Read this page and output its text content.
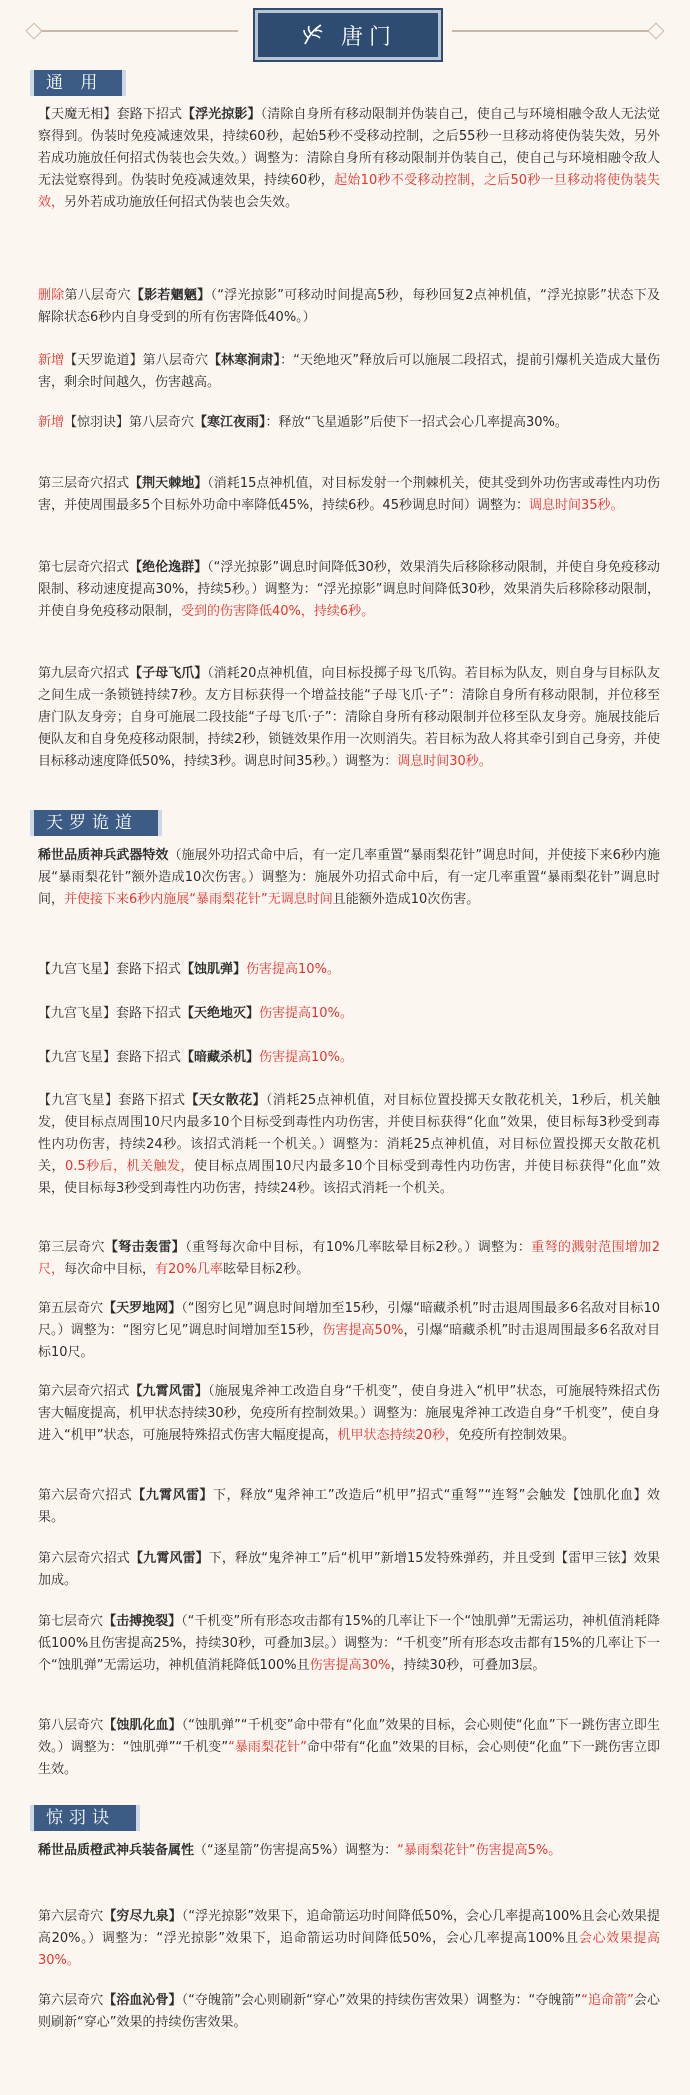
唐门
通 用

【天魔无相】套路下招式【浮光掠影】（清除自身所有移动限制并伪装自己，使自己与环境相融令敌人无法觉察得到。伪装时免疫减速效果，持续60秒，起始5秒不受移动控制，之后55秒一旦移动将使伪装失效，另外若成功施放任何招式伪装也会失效。）调整为：清除自身所有移动限制并伪装自己，使自己与环境相融令敌人无法觉察得到。伪装时免疫减速效果，持续60秒，起始10秒不受移动控制，之后50秒一旦移动将使伪装失效，另外若成功施放任何招式伪装也会失效。

删除第八层奇穴【影若魍魉】（“浮光掠影”可移动时间提高5秒，每秒回复2点神机值，“浮光掠影”状态下及解除状态6秒内自身受到的所有伤害降低40%。）

新增【天罗诡道】第八层奇穴【林寒涧肃】：“天绝地灭”释放后可以施展二段招式，提前引爆机关造成大量伤害，剩余时间越久，伤害越高。

新增【惊羽诀】第八层奇穴【寒江夜雨】：释放“飞星遁影”后使下一招式会心几率提高30%。

第三层奇穴招式【荆天棘地】（消耗15点神机值，对目标发射一个荆棘机关，使其受到外功伤害或毒性内功伤害，并使周围最多5个目标外功命中率降低45%，持续6秒。45秒调息时间）调整为：调息时间35秒。

第七层奇穴招式【绝伦逸群】（“浮光掠影”调息时间降低30秒，效果消失后移除移动限制，并使自身免疫移动限制、移动速度提高30%，持续5秒。）调整为：“浮光掠影”调息时间降低30秒，效果消失后移除移动限制，并使自身免疫移动限制，受到的伤害降低40%，持续6秒。

第九层奇穴招式【子母飞爪】（消耗20点神机值，向目标投掷子母飞爪钩。若目标为队友，则自身与目标队友之间生成一条锁链持续7秒。友方目标获得一个增益技能“子母飞爪·子”：清除自身所有移动限制，并位移至唐门队友身旁；自身可施展二段技能“子母飞爪·子”：清除自身所有移动限制并位移至队友身旁。施展技能后便队友和自身免疫移动限制，持续2秒，锁链效果作用一次则消失。若目标为敌人将其牵引到自己身旁，并使目标移动速度降低50%，持续3秒。调息时间35秒。）调整为：调息时间30秒。

天罗诡道

稀世品质神兵武器特效（施展外功招式命中后，有一定几率重置“暴雨梨花针”调息时间，并使接下来6秒内施展“暴雨梨花针”额外造成10次伤害。）调整为：施展外功招式命中后，有一定几率重置“暴雨梨花针”调息时间，并使接下来6秒内施展“暴雨梨花针”无调息时间且能额外造成10次伤害。

【九宫飞星】套路下招式【蚀肌弹】伤害提高10%。

【九宫飞星】套路下招式【天绝地灭】伤害提高10%。

【九宫飞星】套路下招式【暗藏杀机】伤害提高10%。

【九宫飞星】套路下招式【天女散花】（消耗25点神机值，对目标位置投掷天女散花机关，1秒后，机关触发，使目标点周围10尺内最多10个目标受到毒性内功伤害，并使目标获得“化血”效果，使目标每3秒受到毒性内功伤害，持续24秒。该招式消耗一个机关。）调整为：消耗25点神机值，对目标位置投掷天女散花机关，0.5秒后，机关触发，使目标点周围10尺内最多10个目标受到毒性内功伤害，并使目标获得“化血”效果，使目标每3秒受到毒性内功伤害，持续24秒。该招式消耗一个机关。

第三层奇穴【弩击轰雷】（重弩每次命中目标，有10%几率眩晕目标2秒。）调整为：重弩的溅射范围增加2尺，每次命中目标，有20%几率眩晕目标2秒。

第五层奇穴【天罗地网】（“图穷匕见”调息时间增加至15秒，引爆“暗藏杀机”时击退周围最多6名敌对目标10尺。）调整为：“图穷匕见”调息时间增加至15秒，伤害提高50%，引爆“暗藏杀机”时击退周围最多6名敌对目标10尺。

第六层奇穴招式【九霄风雷】（施展鬼斧神工改造自身“千机变”，使自身进入“机甲”状态，可施展特殊招式伤害大幅度提高，机甲状态持续30秒，免疫所有控制效果。）调整为：施展鬼斧神工改造自身“千机变”，使自身进入“机甲”状态，可施展特殊招式伤害大幅度提高，机甲状态持续20秒，免疫所有控制效果。

第六层奇穴招式【九霄风雷】下，释放“鬼斧神工”改造后“机甲”招式“重弩”“连弩”会触发【蚀肌化血】效果。

第六层奇穴招式【九霄风雷】下，释放“鬼斧神工”后“机甲”新增15发特殊弹药，并且受到【雷甲三铉】效果加成。

第七层奇穴【击搏挽裂】（“千机变”所有形态攻击都有15%的几率让下一个“蚀肌弹”无需运功，神机值消耗降低100%且伤害提高25%，持续30秒，可叠加3层。）调整为：“千机变”所有形态攻击都有15%的几率让下一个“蚀肌弹”无需运功，神机值消耗降低100%且伤害提高30%，持续30秒，可叠加3层。

第八层奇穴【蚀肌化血】（“蚀肌弹”“千机变”命中带有“化血”效果的目标，会心则使“化血”下一跳伤害立即生效。）调整为：“蚀肌弹”“千机变”“暴雨梨花针”命中带有“化血”效果的目标，会心则使“化血”下一跳伤害立即生效。

惊羽诀

稀世品质橙武神兵装备属性（“逐星箭”伤害提高5%）调整为：“暴雨梨花针”伤害提高5%。

第六层奇穴【穷尽九泉】（“浮光掠影”效果下，追命箭运功时间降低50%，会心几率提高100%且会心效果提高20%。）调整为：“浮光掠影”效果下，追命箭运功时间降低50%，会心几率提高100%且会心效果提高30%。

第六层奇穴【浴血沁骨】（“夺魄箭”会心则刷新“穿心”效果的持续伤害效果）调整为：“夺魄箭”“追命箭”会心则刷新“穿心”效果的持续伤害效果。
